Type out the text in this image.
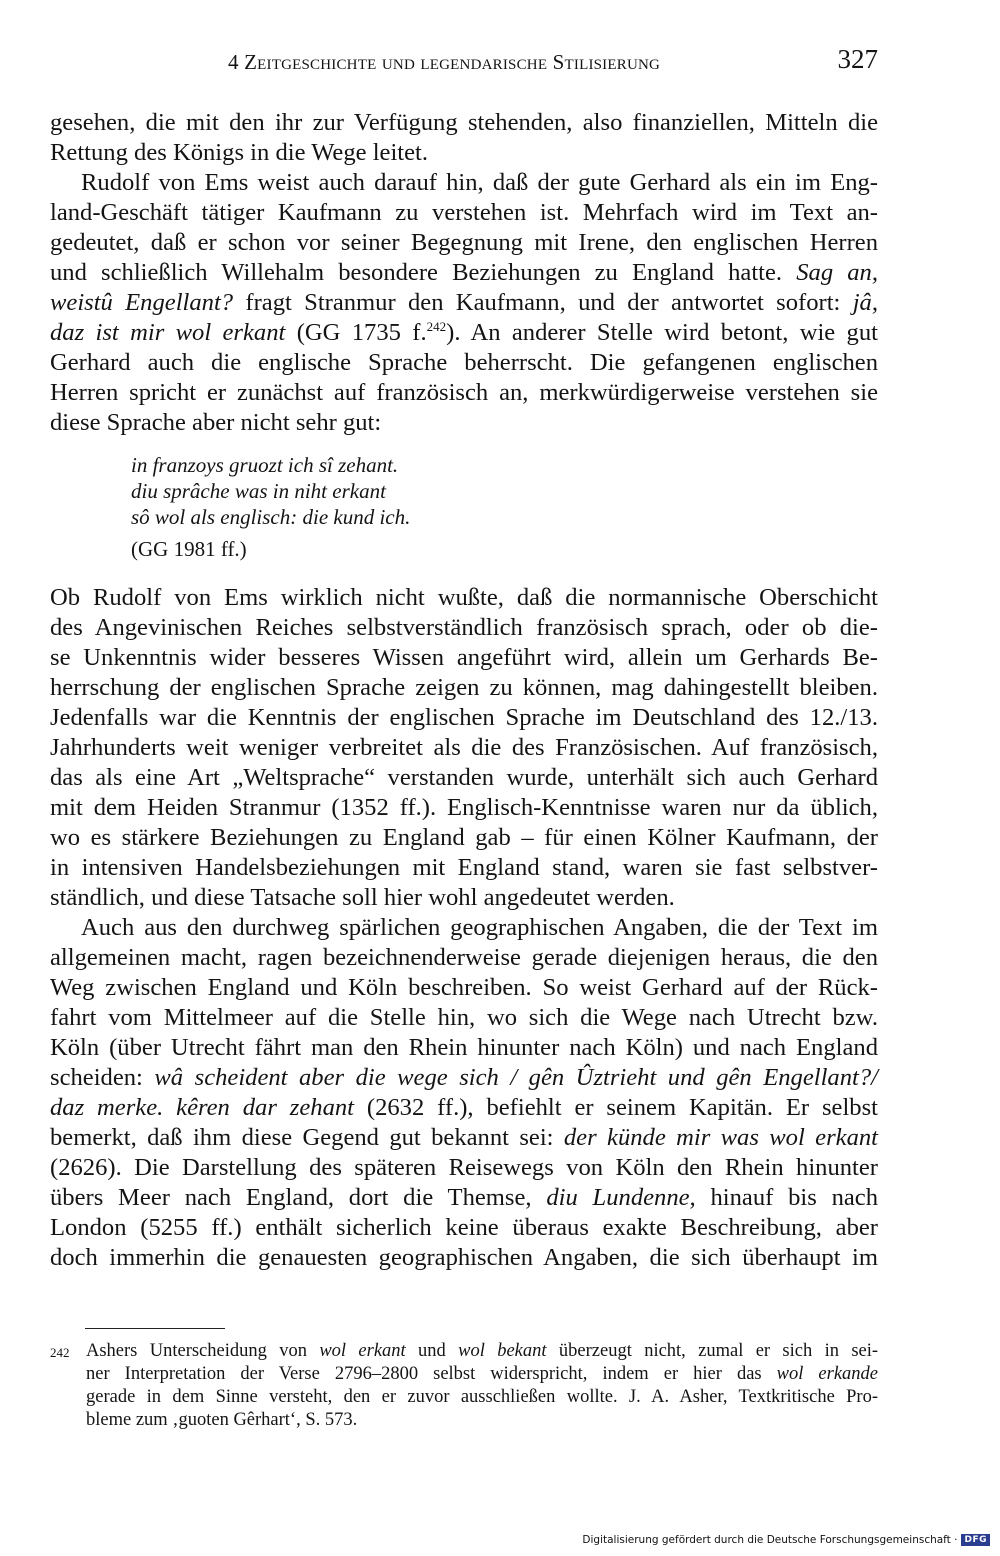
4 Zeitgeschichte und legendarische Stilisierung	327
gesehen, die mit den ihr zur Verfügung stehenden, also finanziellen, Mitteln die
Rettung des Königs in die Wege leitet.
Rudolf von Ems weist auch darauf hin, daß der gute Gerhard als ein im Eng-
land-Geschäft tätiger Kaufmann zu verstehen ist. Mehrfach wird im Text an-
gedeutet, daß er schon vor seiner Begegnung mit Irene, den englischen Herren
und schließlich Willehalm besondere Beziehungen zu England hatte. Sag an,
weistû Engellant? fragt Stranmur den Kaufmann, und der antwortet sofort: jâ,
daz ist mir wol erkant (GG 1735 f.$^{242}$). An anderer Stelle wird betont, wie gut
Gerhard auch die englische Sprache beherrscht. Die gefangenen englischen
Herren spricht er zunächst auf französisch an, merkwürdigerweise verstehen sie
diese Sprache aber nicht sehr gut:
in franzoys gruozt ich sî zehant.
diu sprâche was in niht erkant
sô wol als englisch: die kund ich.
(GG 1981 ff.)
Ob Rudolf von Ems wirklich nicht wußte, daß die normannische Oberschicht
des Angevinischen Reiches selbstverständlich französisch sprach, oder ob die-
se Unkenntnis wider besseres Wissen angeführt wird, allein um Gerhards Be-
herrschung der englischen Sprache zeigen zu können, mag dahingestellt bleiben.
Jedenfalls war die Kenntnis der englischen Sprache im Deutschland des 12./13.
Jahrhunderts weit weniger verbreitet als die des Französischen. Auf französisch,
das als eine Art „Weltsprache“ verstanden wurde, unterhält sich auch Gerhard
mit dem Heiden Stranmur (1352 ff.). Englisch-Kenntnisse waren nur da üblich,
wo es stärkere Beziehungen zu England gab – für einen Kölner Kaufmann, der
in intensiven Handelsbeziehungen mit England stand, waren sie fast selbstver-
ständlich, und diese Tatsache soll hier wohl angedeutet werden.
Auch aus den durchweg spärlichen geographischen Angaben, die der Text im
allgemeinen macht, ragen bezeichnenderweise gerade diejenigen heraus, die den
Weg zwischen England und Köln beschreiben. So weist Gerhard auf der Rück-
fahrt vom Mittelmeer auf die Stelle hin, wo sich die Wege nach Utrecht bzw.
Köln (über Utrecht fährt man den Rhein hinunter nach Köln) und nach England
scheiden: wâ scheident aber die wege sich / gên Ûztrieht und gên Engellant?/
daz merke. kêren dar zehant (2632 ff.), befiehlt er seinem Kapitän. Er selbst
bemerkt, daß ihm diese Gegend gut bekannt sei: der künde mir was wol erkant
(2626). Die Darstellung des späteren Reisewegs von Köln den Rhein hinunter
übers Meer nach England, dort die Themse, diu Lundenne, hinauf bis nach
London (5255 ff.) enthält sicherlich keine überaus exakte Beschreibung, aber
doch immerhin die genauesten geographischen Angaben, die sich überhaupt im
242 Ashers Unterscheidung von wol erkant und wol bekant überzeugt nicht, zumal er sich in sei-
ner Interpretation der Verse 2796–2800 selbst widerspricht, indem er hier das wol erkande
gerade in dem Sinne versteht, den er zuvor ausschließen wollte. J. A. Asher, Textkritische Pro-
bleme zum ‚guoten Gêrhart‘, S. 573.
Digitalisierung gefördert durch die Deutsche Forschungsgemeinschaft · DFG
